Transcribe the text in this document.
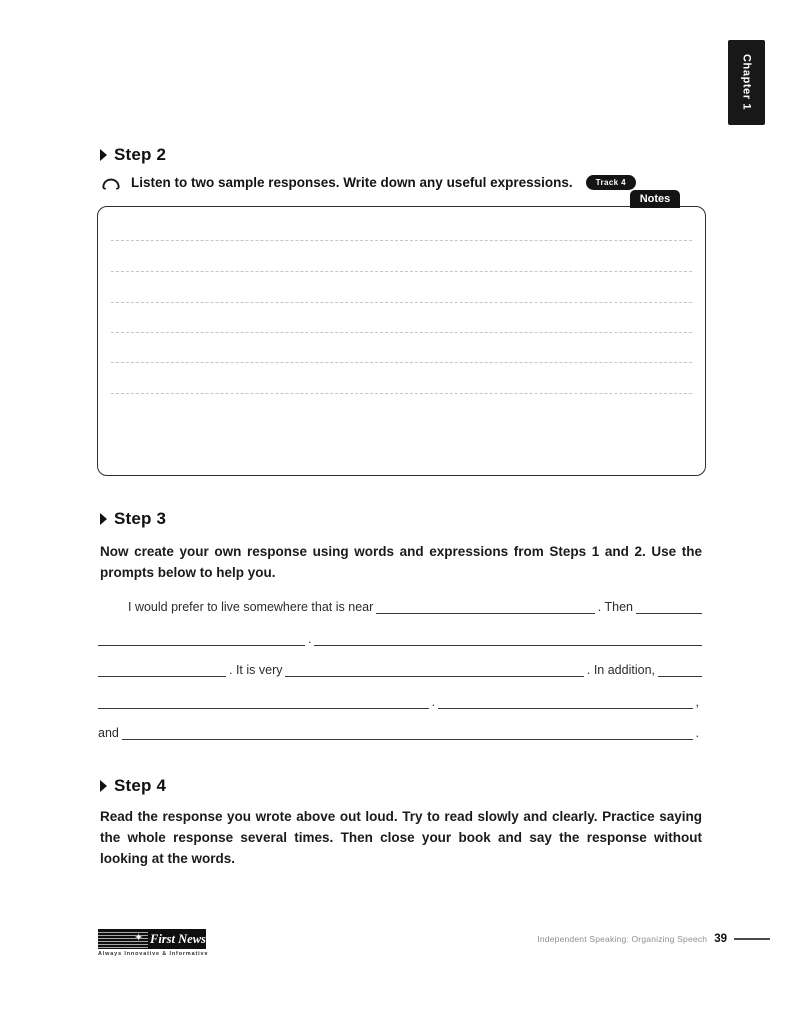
Chapter 1
Step 2
Listen to two sample responses. Write down any useful expressions.	Track 4
Notes
Step 3

Now create your own response using words and expressions from Steps 1 and 2. Use the prompts below to help you.

I would prefer to live somewhere that is near	. Then
.
. It is very	. In addition,
.	,
and	.
Step 4

Read the response you wrote above out loud. Try to read slowly and clearly. Practice saying the whole response several times. Then close your book and say the response without looking at the words.

✦ First News
Always Innovative & Informative
Independent Speaking: Organizing Speech 39
